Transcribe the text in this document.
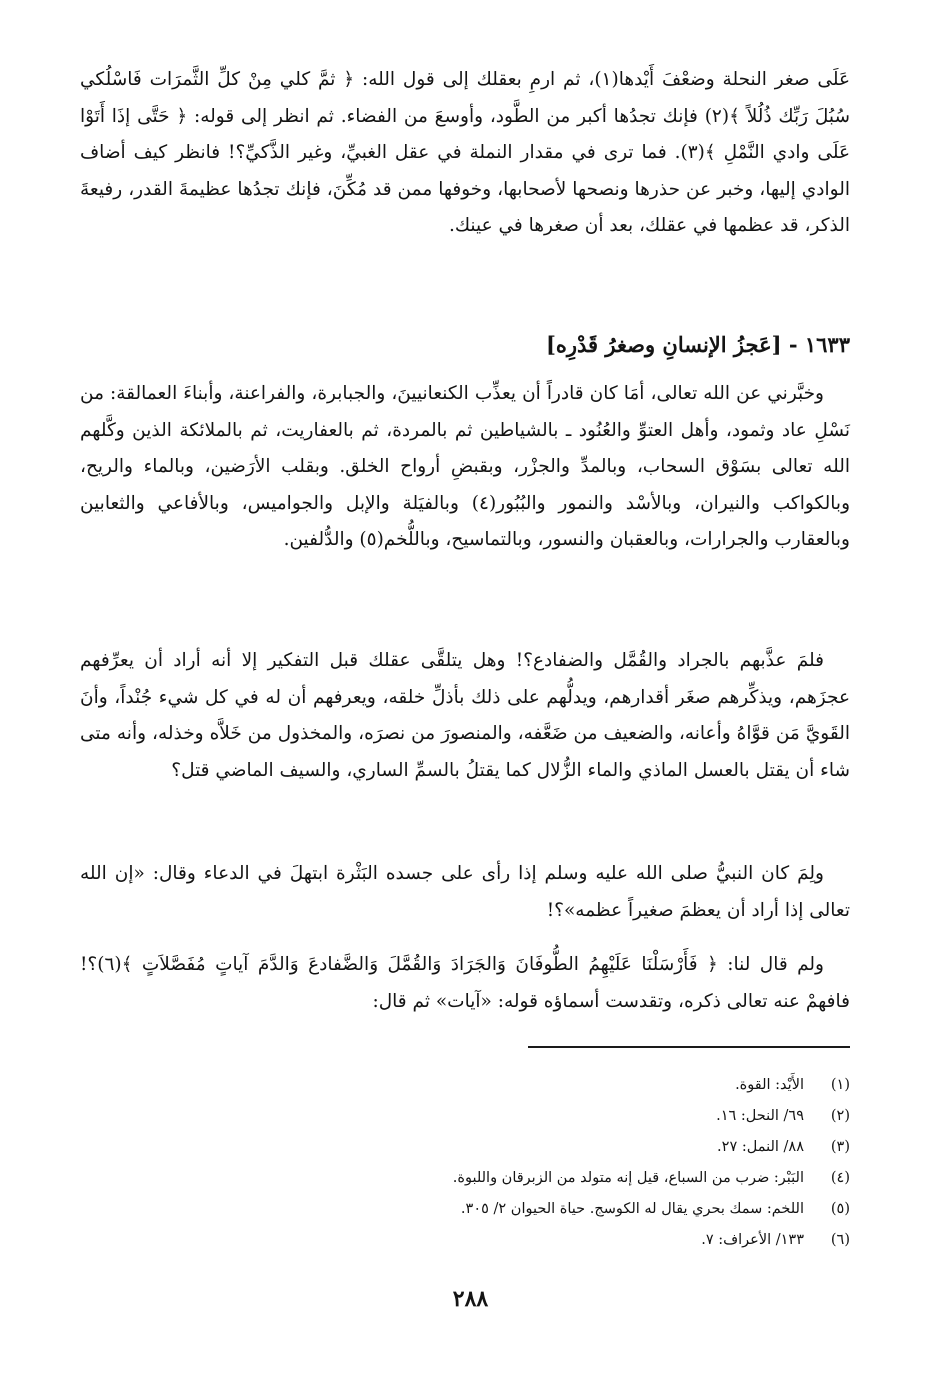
عَلَى صغر النحلة وضعْفَ أَيْدها(١)، ثم ارمِ بعقلك إلى قول الله: ﴿ ثمَّ كلي مِنْ كلِّ الثَّمرَات فَاسْلُكي سُبُلَ رَبِّك ذُلُلاً ﴾(٢) فإنك تجدُها أكبر من الطَّود، وأوسعَ من الفضاء. ثم انظر إلى قوله: ﴿ حَتَّى إذَا أَتَوْا عَلَى وادي النَّمْلِ ﴾(٣). فما ترى في مقدار النملة في عقل الغبيِّ، وغير الذَّكيِّ؟! فانظر كيف أضاف الوادي إليها، وخبر عن حذرها ونصحها لأصحابها، وخوفها ممن قد مُكِّنَ، فإنك تجدُها عظيمةَ القدر، رفيعةَ الذكر، قد عظمها في عقلك، بعد أن صغرها في عينك.

١٦٣٣ - [عَجزُ الإنسانِ وصغرُ قَدْرِه]

وخبَّرني عن الله تعالى، أمَا كان قادراً أن يعذِّب الكنعانيينَ، والجبابرة، والفراعنة، وأبناءَ العمالقة: من نَسْلِ عاد وثمود، وأهل العتوِّ والعُنُود ـ بالشياطين ثم بالمردة، ثم بالعفاريت، ثم بالملائكة الذين وكَّلهم الله تعالى بسَوْق السحاب، وبالمدِّ والجزْر، وبقبضِ أرواح الخلق. وبقلب الأرَضين، وبالماء والريح، وبالكواكب والنيران، وبالأسْد والنمور والبُبُور(٤) وبالفيَلة والإبل والجواميس، وبالأفاعي والثعابين وبالعقارب والجرارات، وبالعقبان والنسور، وبالتماسيح، وباللُّخم(٥) والدُّلفين.

فلمَ عذَّبهم بالجراد والقُمَّل والضفادع؟! وهل يتلقَّى عقلك قبل التفكير إلا أنه أراد أن يعرِّفهم عجزَهم، ويذكِّرهم صغَر أقدارهم، ويدلُّهم على ذلك بأذلِّ خلقه، ويعرفهم أن له في كل شيء جُنْداً، وأنَ القَويَّ مَن قوَّاهُ وأعانه، والضعيف من ضَعَّفه، والمنصورَ من نصرَه، والمخذول من خَلاَّه وخذله، وأنه متى شاء أن يقتل بالعسل الماذي والماء الزُّلال كما يقتلُ بالسمِّ الساري، والسيف الماضي قتل؟

ولِمَ كان النبيُّ صلى الله عليه وسلم إذا رأى على جسده البَثْرة ابتهلَ في الدعاء وقال: «إن الله تعالى إذا أراد أن يعظمَ صغيراً عظمه»؟!

ولم قال لنا: ﴿ فَأَرْسَلْنَا عَلَيْهِمُ الطُّوفَانَ وَالجَرَادَ وَالقُمَّلَ وَالضَّفادعَ وَالدَّمَ آياتٍ مُفَصَّلاَتٍ ﴾(٦)؟! فافهمْ عنه تعالى ذكره، وتقدست أسماؤه قوله: «آيات» ثم قال:

(١)الأَيْد: القوة.
(٢)٦٩/ النحل: ١٦.
(٣)٨٨/ النمل: ٢٧.
(٤)البَبْر: ضرب من السباع، قيل إنه متولد من الزبرقان واللبوة.
(٥)اللخم: سمك بحري يقال له الكوسج. حياة الحيوان ٢/ ٣٠٥.
(٦)١٣٣/ الأعراف: ٧.
٢٨٨
